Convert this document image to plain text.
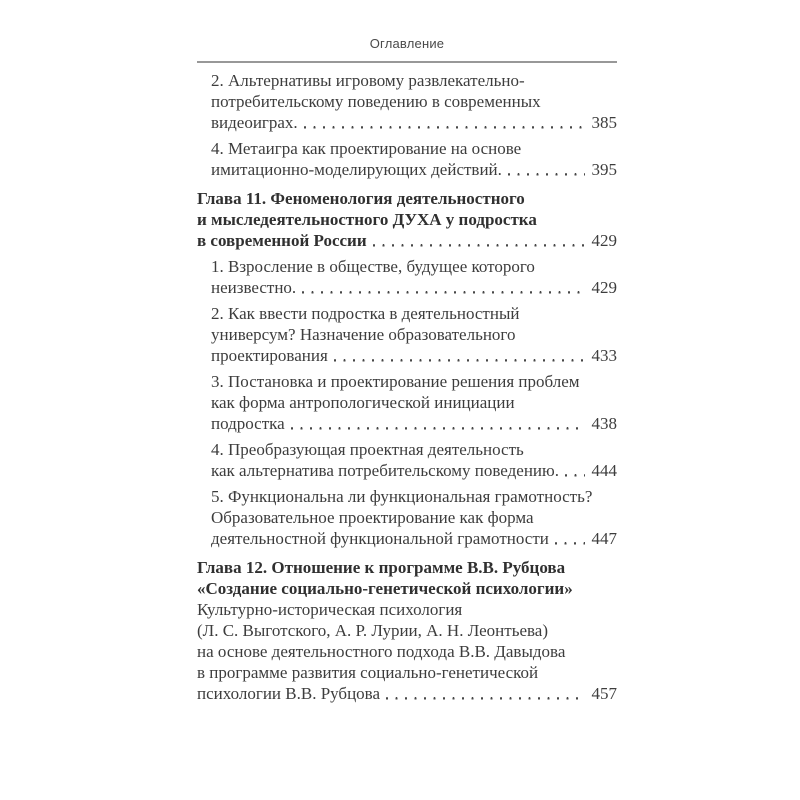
Оглавление
2. Альтернативы игровому развлекательно-
потребительскому поведению в современных
видеоиграх.	385
4. Метаигра как проектирование на основе
имитационно-моделирующих действий.	395
Глава 11. Феноменология деятельностного
и мыследеятельностного ДУХА у подростка
в современной России	429
1. Взросление в обществе, будущее которого
неизвестно.	429
2. Как ввести подростка в деятельностный
универсум? Назначение образовательного
проектирования	433
3. Постановка и проектирование решения проблем
как форма антропологической инициации
подростка	438
4. Преобразующая проектная деятельность
как альтернатива потребительскому поведению. 444
5. Функциональна ли функциональная грамотность?
Образовательное проектирование как форма
деятельностной функциональной грамотности	447
Глава 12. Отношение к программе В.В. Рубцова
«Создание социально-генетической психологии»
Культурно-историческая психология
(Л. С. Выготского, А. Р. Лурии, А. Н. Леонтьева)
на основе деятельностного подхода В.В. Давыдова
в программе развития социально-генетической
психологии В.В. Рубцова	457
